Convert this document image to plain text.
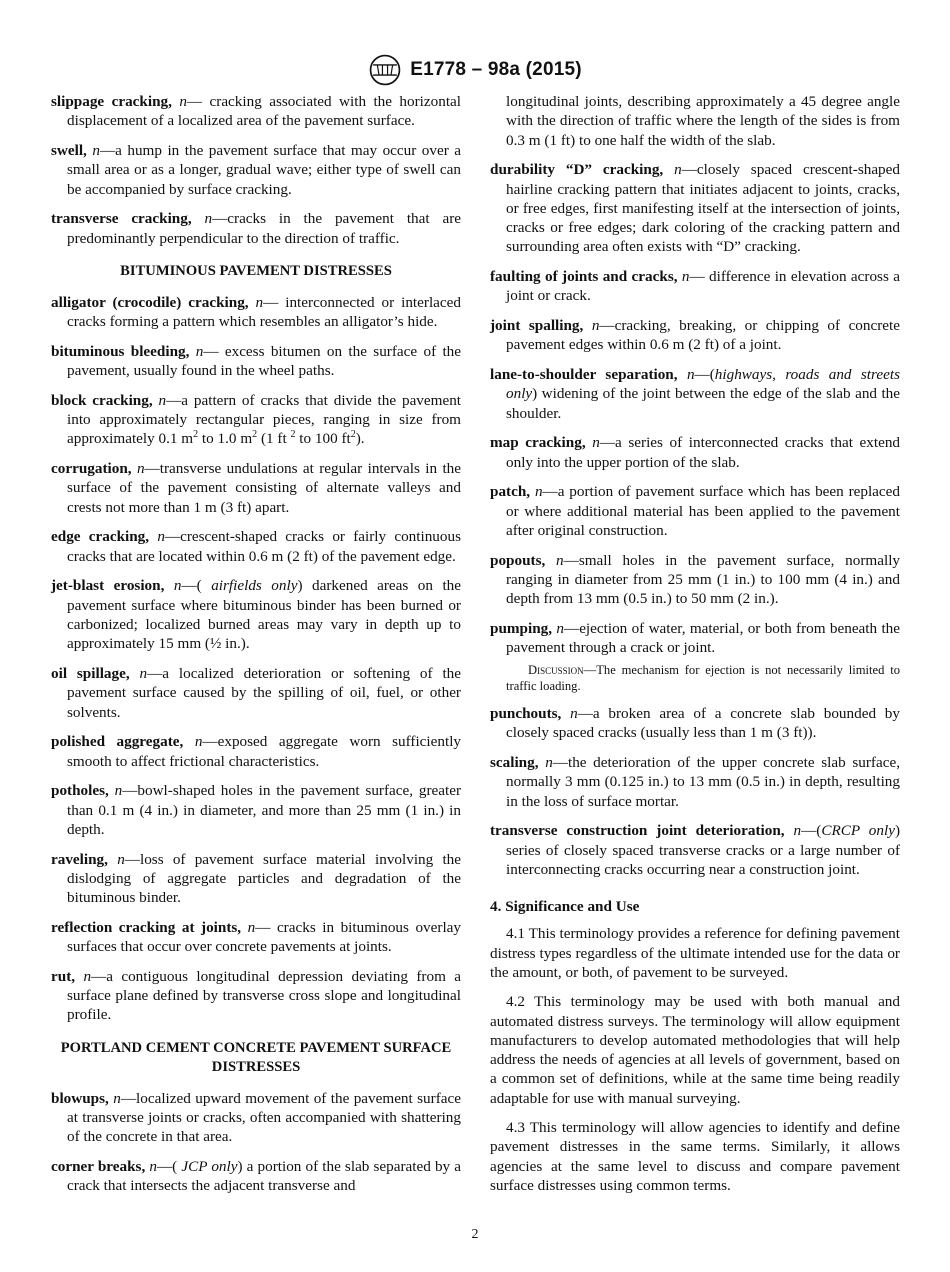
E1778 – 98a (2015)

slippage cracking, n— cracking associated with the horizontal displacement of a localized area of the pavement surface.

swell, n—a hump in the pavement surface that may occur over a small area or as a longer, gradual wave; either type of swell can be accompanied by surface cracking.

transverse cracking, n—cracks in the pavement that are predominantly perpendicular to the direction of traffic.

BITUMINOUS PAVEMENT DISTRESSES

alligator (crocodile) cracking, n— interconnected or interlaced cracks forming a pattern which resembles an alligator’s hide.

bituminous bleeding, n— excess bitumen on the surface of the pavement, usually found in the wheel paths.

block cracking, n—a pattern of cracks that divide the pavement into approximately rectangular pieces, ranging in size from approximately 0.1 $m^2$ to 1.0 $m^2$ (1 ft $^2$ to 100 $ft^2$).

corrugation, n—transverse undulations at regular intervals in the surface of the pavement consisting of alternate valleys and crests not more than 1 m (3 ft) apart.

edge cracking, n—crescent-shaped cracks or fairly continuous cracks that are located within 0.6 m (2 ft) of the pavement edge.

jet-blast erosion, n—( airfields only) darkened areas on the pavement surface where bituminous binder has been burned or carbonized; localized burned areas may vary in depth up to approximately 15 mm (½ in.).

oil spillage, n—a localized deterioration or softening of the pavement surface caused by the spilling of oil, fuel, or other solvents.

polished aggregate, n—exposed aggregate worn sufficiently smooth to affect frictional characteristics.

potholes, n—bowl-shaped holes in the pavement surface, greater than 0.1 m (4 in.) in diameter, and more than 25 mm (1 in.) in depth.

raveling, n—loss of pavement surface material involving the dislodging of aggregate particles and degradation of the bituminous binder.

reflection cracking at joints, n— cracks in bituminous overlay surfaces that occur over concrete pavements at joints.

rut, n—a contiguous longitudinal depression deviating from a surface plane defined by transverse cross slope and longitudinal profile.

PORTLAND CEMENT CONCRETE PAVEMENT SURFACE DISTRESSES

blowups, n—localized upward movement of the pavement surface at transverse joints or cracks, often accompanied with shattering of the concrete in that area.

corner breaks, n—( JCP only) a portion of the slab separated by a crack that intersects the adjacent transverse and

longitudinal joints, describing approximately a 45 degree angle with the direction of traffic where the length of the sides is from 0.3 m (1 ft) to one half the width of the slab.

durability “D” cracking, n—closely spaced crescent-shaped hairline cracking pattern that initiates adjacent to joints, cracks, or free edges, first manifesting itself at the intersection of joints, cracks or free edges; dark coloring of the cracking pattern and surrounding area often exists with “D” cracking.

faulting of joints and cracks, n— difference in elevation across a joint or crack.

joint spalling, n—cracking, breaking, or chipping of concrete pavement edges within 0.6 m (2 ft) of a joint.

lane-to-shoulder separation, n—(highways, roads and streets only) widening of the joint between the edge of the slab and the shoulder.

map cracking, n—a series of interconnected cracks that extend only into the upper portion of the slab.

patch, n—a portion of pavement surface which has been replaced or where additional material has been applied to the pavement after original construction.

popouts, n—small holes in the pavement surface, normally ranging in diameter from 25 mm (1 in.) to 100 mm (4 in.) and depth from 13 mm (0.5 in.) to 50 mm (2 in.).

pumping, n—ejection of water, material, or both from beneath the pavement through a crack or joint.

Discussion—The mechanism for ejection is not necessarily limited to traffic loading.

punchouts, n—a broken area of a concrete slab bounded by closely spaced cracks (usually less than 1 m (3 ft)).

scaling, n—the deterioration of the upper concrete slab surface, normally 3 mm (0.125 in.) to 13 mm (0.5 in.) in depth, resulting in the loss of surface mortar.

transverse construction joint deterioration, n—(CRCP only) series of closely spaced transverse cracks or a large number of interconnecting cracks occurring near a construction joint.

4. Significance and Use

4.1 This terminology provides a reference for defining pavement distress types regardless of the ultimate intended use for the data or the amount, or both, of pavement to be surveyed.

4.2 This terminology may be used with both manual and automated distress surveys. The terminology will allow equipment manufacturers to develop automated methodologies that will help address the needs of agencies at all levels of government, based on a common set of definitions, while at the same time being readily adaptable for use with manual surveying.

4.3 This terminology will allow agencies to identify and define pavement distresses in the same terms. Similarly, it allows agencies at the same level to discuss and compare pavement surface distresses using common terms.

2
